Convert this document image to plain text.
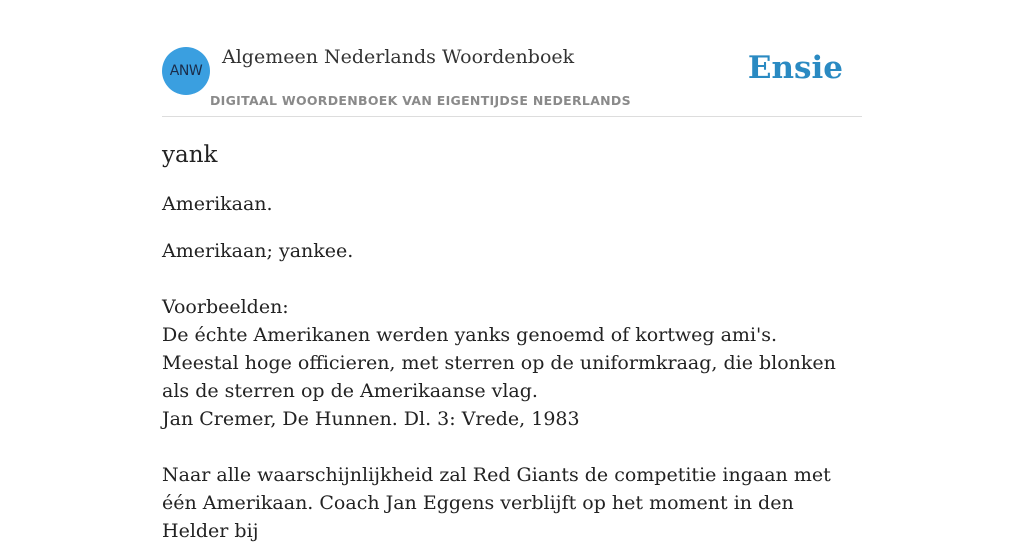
ANW
Algemeen Nederlands Woordenboek
DIGITAAL WOORDENBOEK VAN EIGENTIJDSE NEDERLANDS
Ensie
yank

Amerikaan.

Amerikaan; yankee.
Voorbeelden:
De échte Amerikanen werden yanks genoemd of kortweg ami's. Meestal hoge officieren, met sterren op de uniformkraag, die blonken als de sterren op de Amerikaanse vlag.
Jan Cremer, De Hunnen. Dl. 3: Vrede, 1983
Naar alle waarschijnlijkheid zal Red Giants de competitie ingaan met één Amerikaan. Coach Jan Eggens verblijft op het moment in den Helder bij
